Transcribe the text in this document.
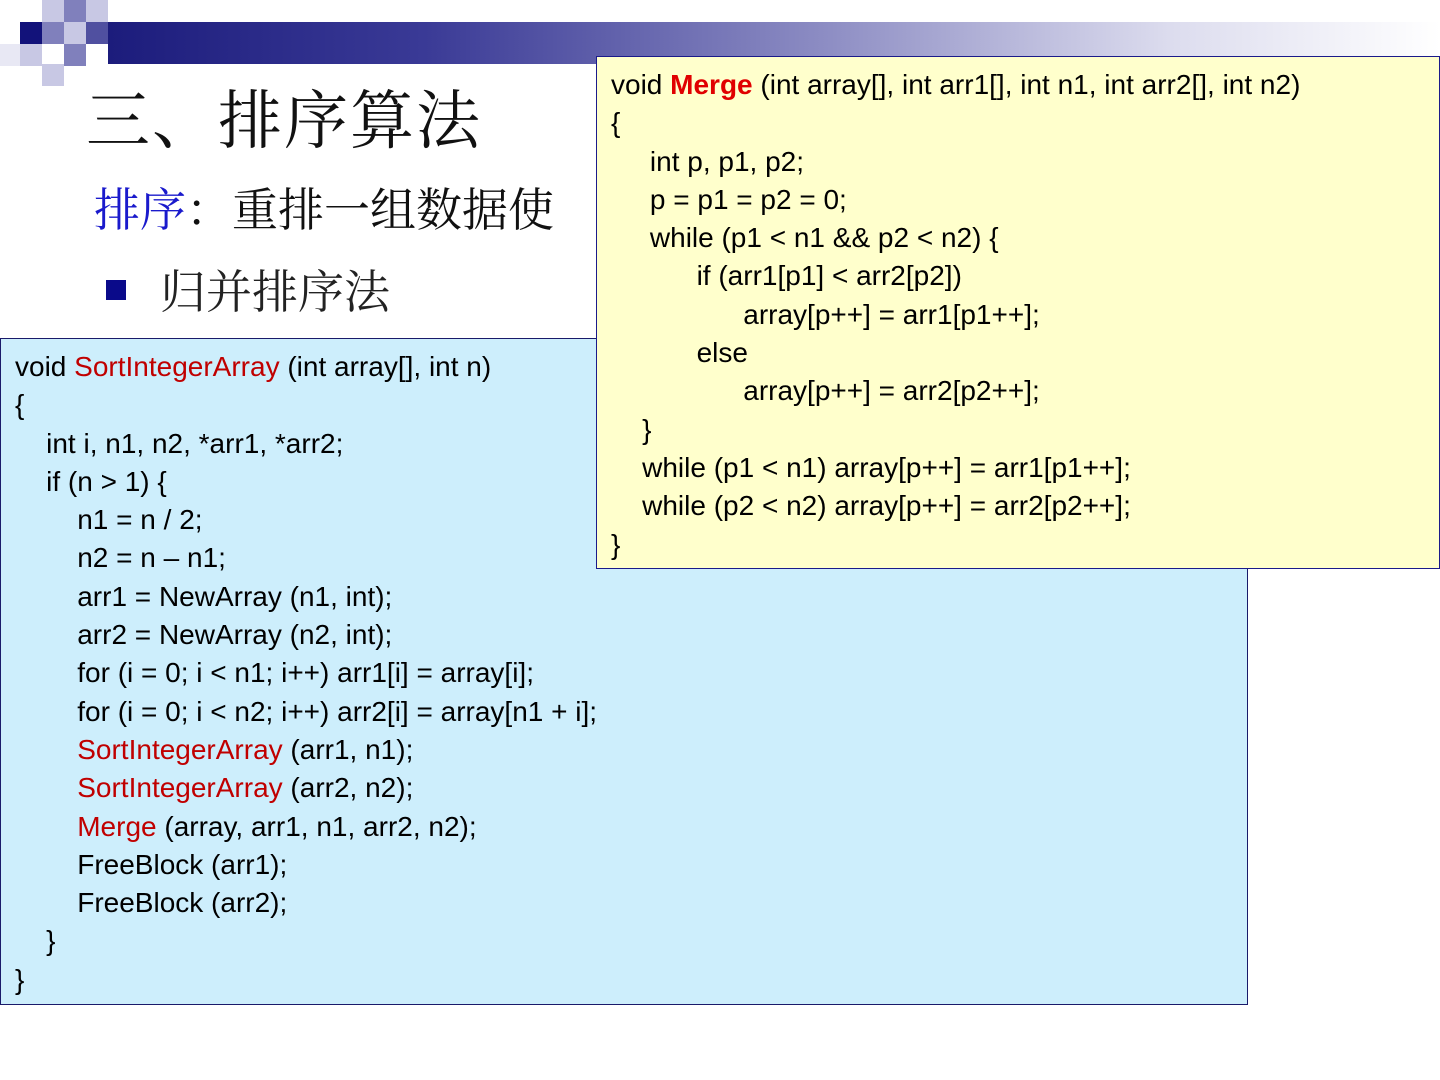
三、排序算法
排序：重排一组数据使
归并排序法
void SortIntegerArray (int array[], int n)
{
int i, n1, n2, *arr1, *arr2;
if (n > 1) {
n1 = n / 2;
n2 = n – n1;
arr1 = NewArray (n1, int);
arr2 = NewArray (n2, int);
for (i = 0; i < n1; i++) arr1[i] = array[i];
for (i = 0; i < n2; i++) arr2[i] = array[n1 + i];
SortIntegerArray (arr1, n1);
SortIntegerArray (arr2, n2);
Merge (array, arr1, n1, arr2, n2);
FreeBlock (arr1);
FreeBlock (arr2);
}
}
void Merge (int array[], int arr1[], int n1, int arr2[], int n2)
{
int p, p1, p2;
p = p1 = p2 = 0;
while (p1 < n1 && p2 < n2) {
if (arr1[p1] < arr2[p2])
array[p++] = arr1[p1++];
else
array[p++] = arr2[p2++];
}
while (p1 < n1) array[p++] = arr1[p1++];
while (p2 < n2) array[p++] = arr2[p2++];
}
